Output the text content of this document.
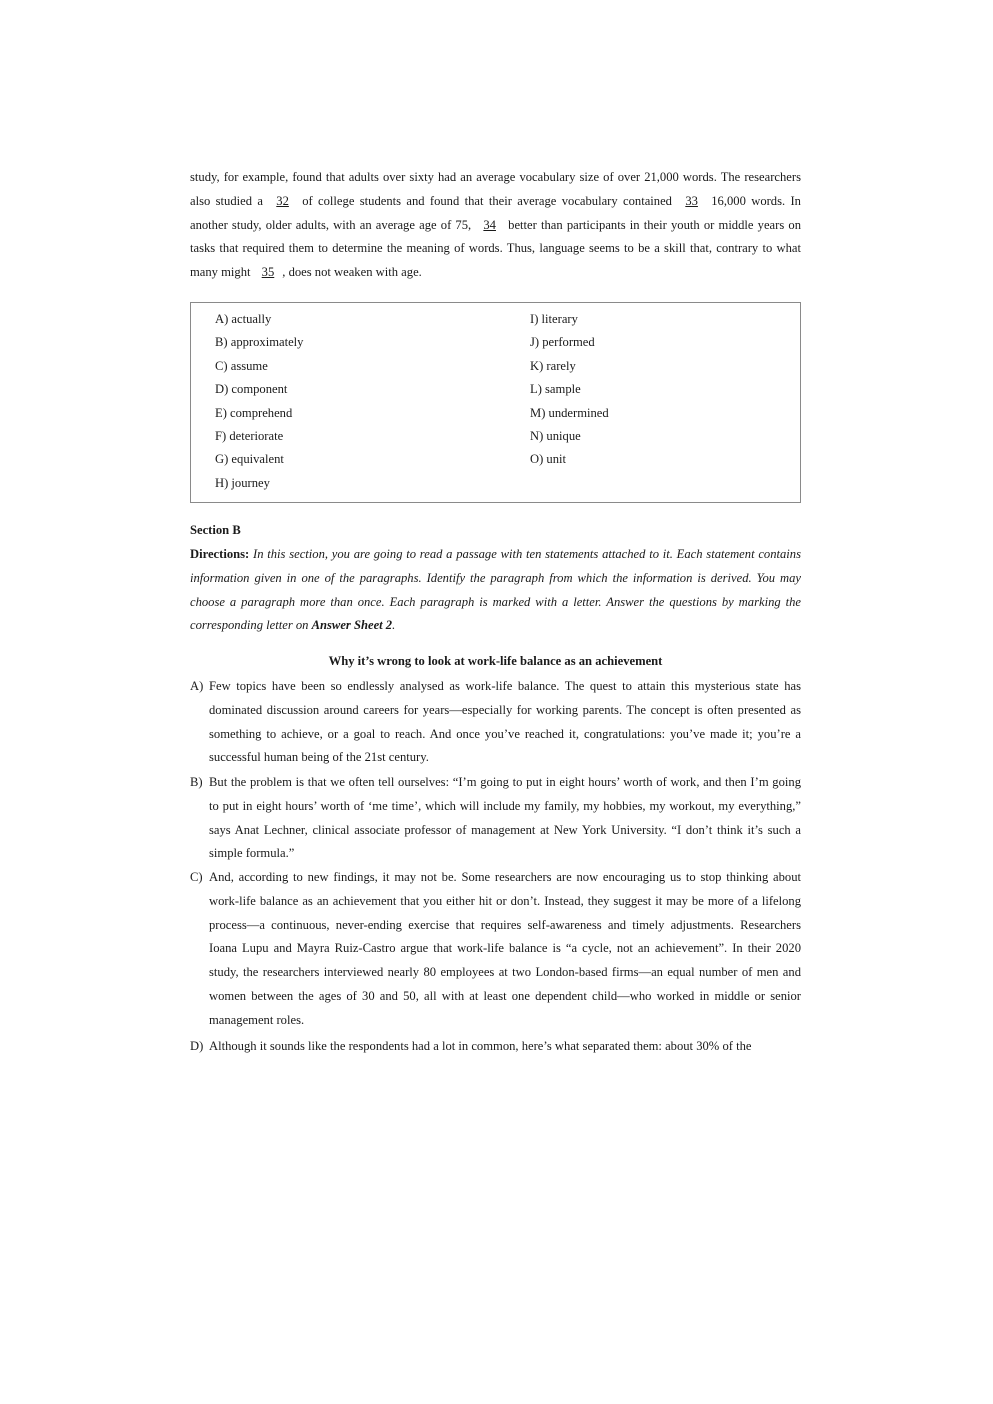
study, for example, found that adults over sixty had an average vocabulary size of over 21,000 words. The researchers also studied a 32 of college students and found that their average vocabulary contained 33 16,000 words. In another study, older adults, with an average age of 75, 34 better than participants in their youth or middle years on tasks that required them to determine the meaning of words. Thus, language seems to be a skill that, contrary to what many might 35 , does not weaken with age.

A) actually
B) approximately
C) assume
D) component
E) comprehend
F) deteriorate
G) equivalent
H) journey
I) literary
J) performed
K) rarely
L) sample
M) undermined
N) unique
O) unit

Section B

Directions: In this section, you are going to read a passage with ten statements attached to it. Each statement contains information given in one of the paragraphs. Identify the paragraph from which the information is derived. You may choose a paragraph more than once. Each paragraph is marked with a letter. Answer the questions by marking the corresponding letter on Answer Sheet 2.

Why it’s wrong to look at work-life balance as an achievement

A) Few topics have been so endlessly analysed as work-life balance. The quest to attain this mysterious state has dominated discussion around careers for years—especially for working parents. The concept is often presented as something to achieve, or a goal to reach. And once you’ve reached it, congratulations: you’ve made it; you’re a successful human being of the 21st century.

B) But the problem is that we often tell ourselves: “I’m going to put in eight hours’ worth of work, and then I’m going to put in eight hours’ worth of ‘me time’, which will include my family, my hobbies, my workout, my everything,” says Anat Lechner, clinical associate professor of management at New York University. “I don’t think it’s such a simple formula.”

C) And, according to new findings, it may not be. Some researchers are now encouraging us to stop thinking about work-life balance as an achievement that you either hit or don’t. Instead, they suggest it may be more of a lifelong process—a continuous, never-ending exercise that requires self-awareness and timely adjustments. Researchers Ioana Lupu and Mayra Ruiz-Castro argue that work-life balance is “a cycle, not an achievement”. In their 2020 study, the researchers interviewed nearly 80 employees at two London-based firms—an equal number of men and women between the ages of 30 and 50, all with at least one dependent child—who worked in middle or senior management roles.

D) Although it sounds like the respondents had a lot in common, here’s what separated them: about 30% of the
